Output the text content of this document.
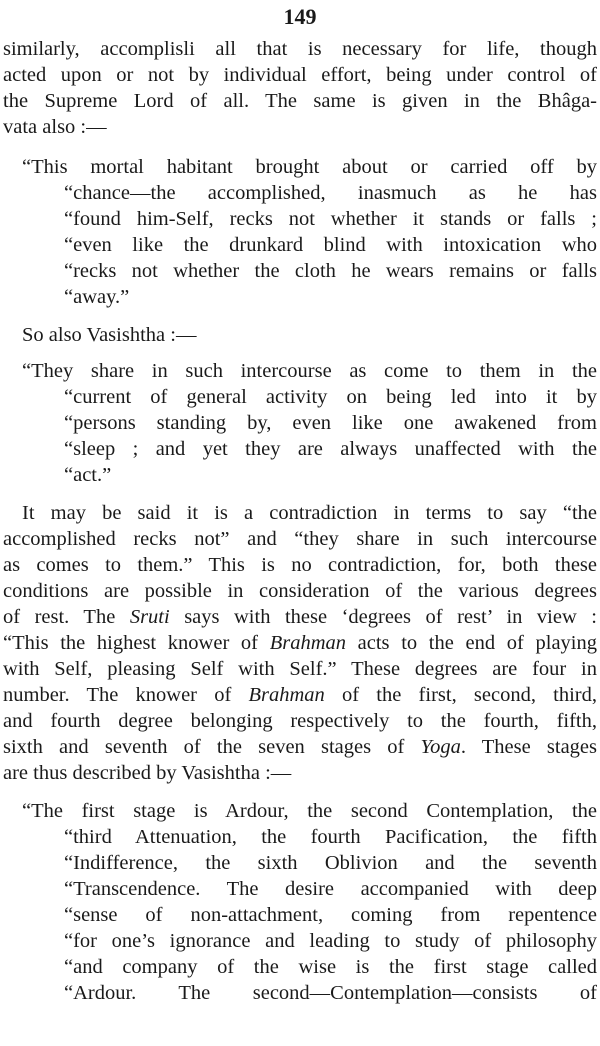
149
similarly, accomplisli all that is necessary for life, though
acted upon or not by individual effort, being under control of
the Supreme Lord of all. The same is given in the Bhâga-
vata also :—
“This mortal habitant brought about or carried off by
“chance—the accomplished, inasmuch as he has
“found him-Self, recks not whether it stands or falls ;
“even like the drunkard blind with intoxication who
“recks not whether the cloth he wears remains or falls
“away.”
So also Vasishtha :—
“They share in such intercourse as come to them in the
“current of general activity on being led into it by
“persons standing by, even like one awakened from
“sleep ; and yet they are always unaffected with the
“act.”
It may be said it is a contradiction in terms to say “the
accomplished recks not” and “they share in such intercourse
as comes to them.” This is no contradiction, for, both these
conditions are possible in consideration of the various degrees
of rest. The Sruti says with these ‘degrees of rest’ in view :
“This the highest knower of Brahman acts to the end of playing
with Self, pleasing Self with Self.” These degrees are four in
number. The knower of Brahman of the first, second, third,
and fourth degree belonging respectively to the fourth, fifth,
sixth and seventh of the seven stages of Yoga. These stages
are thus described by Vasishtha :—
“The first stage is Ardour, the second Contemplation, the
“third Attenuation, the fourth Pacification, the fifth
“Indifference, the sixth Oblivion and the seventh
“Transcendence. The desire accompanied with deep
“sense of non-attachment, coming from repentence
“for one’s ignorance and leading to study of philosophy
“and company of the wise is the first stage called
“Ardour. The second—Contemplation—consists of
